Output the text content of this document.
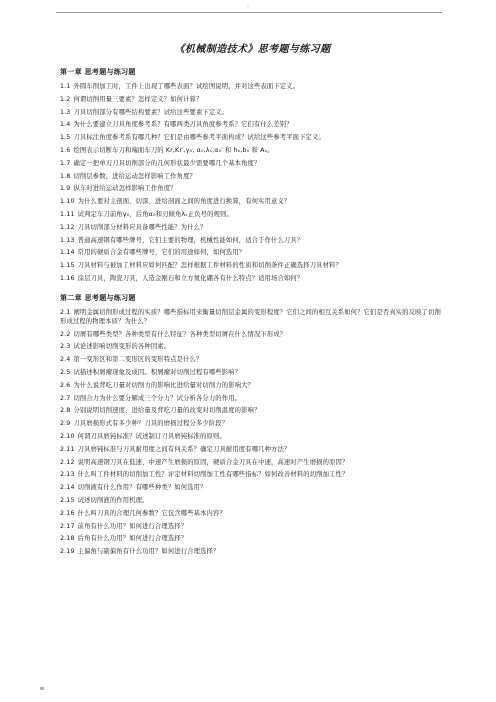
..
《机械制造技术》思考题与练习题
第一章 思考题与练习题
1.1 外圆车削加工时，工件上出现了哪些表面？试绘图说明，并对这些表面下定义。
1.2 何谓切削用量三要素？怎样定义？如何计算？
1.3 刀具切削部分有哪些结构要素？试给这些要素下定义。
1.4 为什么要建立刀具角度参考系？有哪两类刀具角度参考系？它们有什么差别？
1.5 刀具标注角度参考系有哪几种？它们是由哪些参考平面构成？试给这些参考平面下定义。
1.6 绘图表示切断车刀和端面车刀的 Kr,Kr′,γ₀, α₀,λₛ,α₀′ 和 hₙ,bₙ 和 Aₙ。
1.7 确定一把单刃刀具切削部分的几何形状最少需要哪几个基本角度？
1.8 切削层参数，进给运动怎样影响工作角度？
1.9 纵车时进给运动怎样影响工作角度？
1.10 为什么要对主剖面、切深、进给剖面之间的角度进行换算，有何实用意义？
1.11 试判定车刀前角γ₀，后角α₀和刃倾角λₛ正负号的规则。
1.12 刀具切削部分材料应具备哪些性能？为什么？
1.13 普通高速钢有哪些牌号，它们主要的物理，机械性能如何，适合于作什么刀具？
1.14 常用的硬质合金有哪些牌号，它们的用途如何，如何选用？
1.15 刀具材料与被加工材料应如何匹配？怎样根据工件材料的性质和切削条件正确选择刀具材料？
1.16 涂层刀具，陶瓷刀具，人造金刚石和立方氮化硼各有什么特点？适用场合如何？
第二章 思考题与练习题
2.1 阐明金属切削形成过程的实质？哪些指标用来衡量切削层金属的变形程度？它们之间的相互关系如何？它们是否真实的反映了切削形成过程的物理本质？为什么？
2.2 切屑有哪些类型？各种类型有什么特征？各种类型切屑在什么情况下形成？
2.3 试论述影响切削变形的各种因素。
2.4 第一变形区和第二变形区的变形特点是什么？
2.5 试描述积屑瘤现象及成因。积屑瘤对切削过程有哪些影响？
2.6 为什么说背吃刀量对切削力的影响比进给量对切削力的影响大？
2.7 切削合力为什么要分解成三个分力？试分析各分力的作用。
2.8 分别说明切削速度、进给量及背吃刀量的改变对切削温度的影响？
2.9 刀具磨损形式有多少种？刀具的磨损过程分多少阶段？
2.10 何谓刀具磨钝标准？试述制订刀具磨钝标准的原则。
2.11 刀具磨钝标准与刀具耐用度之间有何关系？确定刀具耐用度有哪几种方法？
2.12 说明高速钢刀具在低速、中速产生磨损的原因，硬质合金刀具在中速，高速时产生磨损的原因？
2.13 什么叫工件材料的切削加工性？评定材料切削加工性有哪些指标？如何改善材料的切削加工性？
2.14 切削液有什么作用？有哪些种类？如何选用？
2.15 试述切削液的作用机理。
2.16 什么叫刀具的合理几何参数？它包含哪些基本内容？
2.17 前角有什么功用？如何进行合理选择？
2.18 后角有什么功用？如何进行合理选择？
2.19 主偏角与副偏角有什么功用？如何进行合理选择？
w
